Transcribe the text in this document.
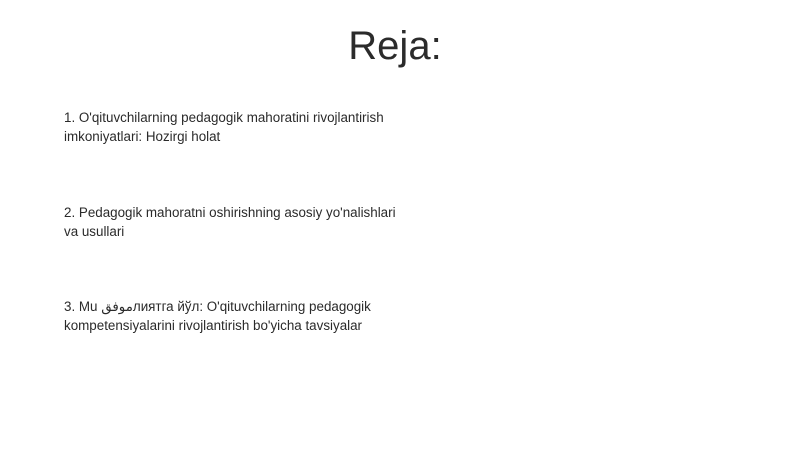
Reja:

1. O'qituvchilarning pedagogik mahoratini rivojlantirish imkoniyatlari: Hozirgi holat

2. Pedagogik mahoratni oshirishning asosiy yo'nalishlari va usullari

3. Mu موفقлиятга йўл: O'qituvchilarning pedagogik kompetensiyalarini rivojlantirish bo'yicha tavsiyalar
